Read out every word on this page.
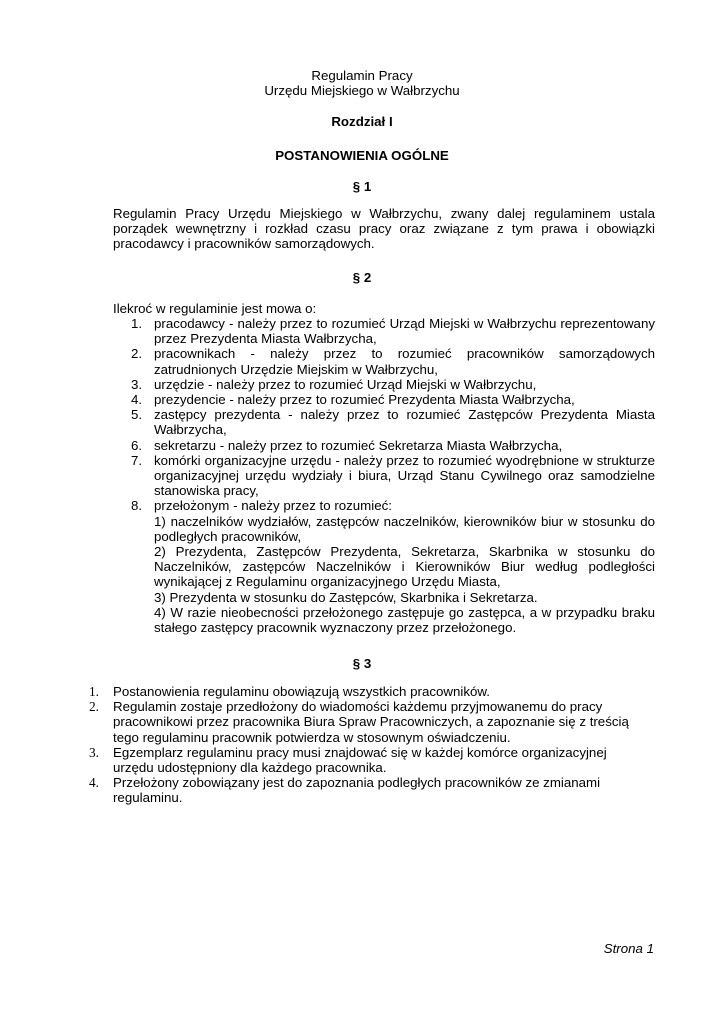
Regulamin Pracy
Urzędu Miejskiego w Wałbrzychu
Rozdział I
POSTANOWIENIA OGÓLNE
§ 1
Regulamin Pracy Urzędu Miejskiego w Wałbrzychu, zwany dalej regulaminem ustala porządek wewnętrzny i rozkład czasu pracy oraz związane z tym prawa i obowiązki pracodawcy i pracowników samorządowych.
§ 2
Ilekroć w regulaminie jest mowa o:
1. pracodawcy - należy przez to rozumieć Urząd Miejski w Wałbrzychu reprezentowany przez Prezydenta Miasta Wałbrzycha,
2. pracownikach - należy przez to rozumieć pracowników samorządowych zatrudnionych Urzędzie Miejskim w Wałbrzychu,
3. urzędzie - należy przez to rozumieć Urząd Miejski w Wałbrzychu,
4. prezydencie - należy przez to rozumieć Prezydenta Miasta Wałbrzycha,
5. zastępcy prezydenta - należy przez to rozumieć Zastępców Prezydenta Miasta Wałbrzycha,
6. sekretarzu - należy przez to rozumieć Sekretarza Miasta Wałbrzycha,
7. komórki organizacyjne urzędu - należy przez to rozumieć wyodrębnione w strukturze organizacyjnej urzędu wydziały i biura, Urząd Stanu Cywilnego oraz samodzielne stanowiska pracy,
8. przełożonym - należy przez to rozumieć:
1) naczelników wydziałów, zastępców naczelników, kierowników biur w stosunku do podległych pracowników,
2) Prezydenta, Zastępców Prezydenta, Sekretarza, Skarbnika w stosunku do Naczelników, zastępców Naczelników i Kierowników Biur według podległości wynikającej z Regulaminu organizacyjnego Urzędu Miasta,
3) Prezydenta w stosunku do Zastępców, Skarbnika i Sekretarza.
4) W razie nieobecności przełożonego zastępuje go zastępca, a w przypadku braku stałego zastępcy pracownik wyznaczony przez przełożonego.
§ 3
1. Postanowienia regulaminu obowiązują wszystkich pracowników.
2. Regulamin zostaje przedłożony do wiadomości każdemu przyjmowanemu do pracy pracownikowi przez pracownika Biura Spraw Pracowniczych, a zapoznanie się z treścią tego regulaminu pracownik potwierdza w stosownym oświadczeniu.
3. Egzemplarz regulaminu pracy musi znajdować się w każdej komórce organizacyjnej urzędu udostępniony dla każdego pracownika.
4. Przełożony zobowiązany jest do zapoznania podległych pracowników ze zmianami regulaminu.
Strona 1
